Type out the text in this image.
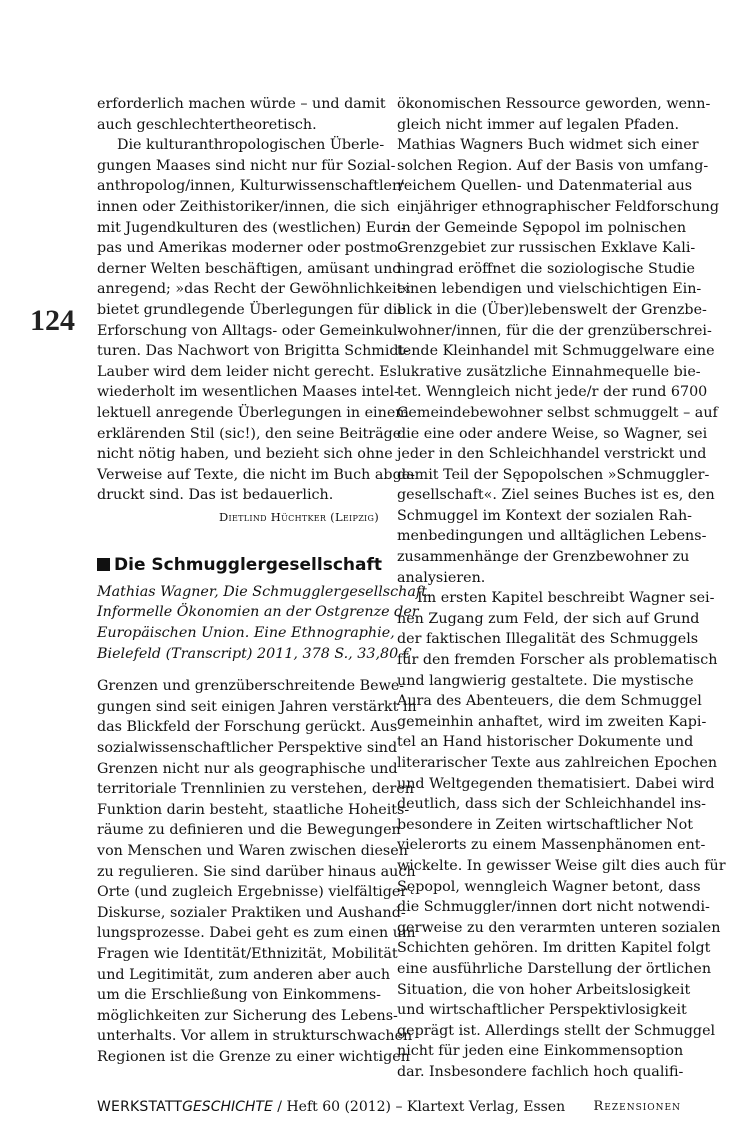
124
erforderlich machen würde – und damit
auch geschlechtertheoretisch.
Die kulturanthropologischen Überle-
gungen Maases sind nicht nur für Sozial-
anthropolog/innen, Kulturwissenschaftler/
innen oder Zeithistoriker/innen, die sich
mit Jugendkulturen des (westlichen) Euro-
pas und Amerikas moderner oder postmo-
derner Welten beschäftigen, amüsant und
anregend; »das Recht der Gewöhnlichkeit«
bietet grundlegende Überlegungen für die
Erforschung von Alltags- oder Gemeinkul-
turen. Das Nachwort von Brigitta Schmidt-
Lauber wird dem leider nicht gerecht. Es
wiederholt im wesentlichen Maases intel-
lektuell anregende Überlegungen in einem
erklärenden Stil (sic!), den seine Beiträge
nicht nötig haben, und bezieht sich ohne
Verweise auf Texte, die nicht im Buch abge-
druckt sind. Das ist bedauerlich.
Dietlind Hüchtker (Leipzig)
Die Schmugglergesellschaft
Mathias Wagner, Die Schmugglergesellschaft.
Informelle Ökonomien an der Ostgrenze der
Europäischen Union. Eine Ethnographie,
Bielefeld (Transcript) 2011, 378 S., 33,80 €
Grenzen und grenzüberschreitende Bewe-
gungen sind seit einigen Jahren verstärkt in
das Blickfeld der Forschung gerückt. Aus
sozialwissenschaftlicher Perspektive sind
Grenzen nicht nur als geographische und
territoriale Trennlinien zu verstehen, deren
Funktion darin besteht, staatliche Hoheits-
räume zu definieren und die Bewegungen
von Menschen und Waren zwischen diesen
zu regulieren. Sie sind darüber hinaus auch
Orte (und zugleich Ergebnisse) vielfältiger
Diskurse, sozialer Praktiken und Aushand-
lungsprozesse. Dabei geht es zum einen um
Fragen wie Identität/Ethnizität, Mobilität
und Legitimität, zum anderen aber auch
um die Erschließung von Einkommens-
möglichkeiten zur Sicherung des Lebens-
unterhalts. Vor allem in strukturschwachen
Regionen ist die Grenze zu einer wichtigen
ökonomischen Ressource geworden, wenn-
gleich nicht immer auf legalen Pfaden.
Mathias Wagners Buch widmet sich einer
solchen Region. Auf der Basis von umfang-
reichem Quellen- und Datenmaterial aus
einjähriger ethnographischer Feldforschung
in der Gemeinde Sępopol im polnischen
Grenzgebiet zur russischen Exklave Kali-
ningrad eröffnet die soziologische Studie
einen lebendigen und vielschichtigen Ein-
blick in die (Über)lebenswelt der Grenzbe-
wohner/innen, für die der grenzüberschrei-
tende Kleinhandel mit Schmuggelware eine
lukrative zusätzliche Einnahmequelle bie-
tet. Wenngleich nicht jede/r der rund 6700
Gemeindebewohner selbst schmuggelt – auf
die eine oder andere Weise, so Wagner, sei
jeder in den Schleichhandel verstrickt und
damit Teil der Sępopolschen »Schmuggler-
gesellschaft«. Ziel seines Buches ist es, den
Schmuggel im Kontext der sozialen Rah-
menbedingungen und alltäglichen Lebens-
zusammenhänge der Grenzbewohner zu
analysieren.
Im ersten Kapitel beschreibt Wagner sei-
nen Zugang zum Feld, der sich auf Grund
der faktischen Illegalität des Schmuggels
für den fremden Forscher als problematisch
und langwierig gestaltete. Die mystische
Aura des Abenteuers, die dem Schmuggel
gemeinhin anhaftet, wird im zweiten Kapi-
tel an Hand historischer Dokumente und
literarischer Texte aus zahlreichen Epochen
und Weltgegenden thematisiert. Dabei wird
deutlich, dass sich der Schleichhandel ins-
besondere in Zeiten wirtschaftlicher Not
vielerorts zu einem Massenphänomen ent-
wickelte. In gewisser Weise gilt dies auch für
Sępopol, wenngleich Wagner betont, dass
die Schmuggler/innen dort nicht notwendi-
gerweise zu den verarmten unteren sozialen
Schichten gehören. Im dritten Kapitel folgt
eine ausführliche Darstellung der örtlichen
Situation, die von hoher Arbeitslosigkeit
und wirtschaftlicher Perspektivlosigkeit
geprägt ist. Allerdings stellt der Schmuggel
nicht für jeden eine Einkommensoption
dar. Insbesondere fachlich hoch qualifi-
WERKSTATTGESCHICHTE / Heft 60 (2012) – Klartext Verlag, Essen Rezensionen
